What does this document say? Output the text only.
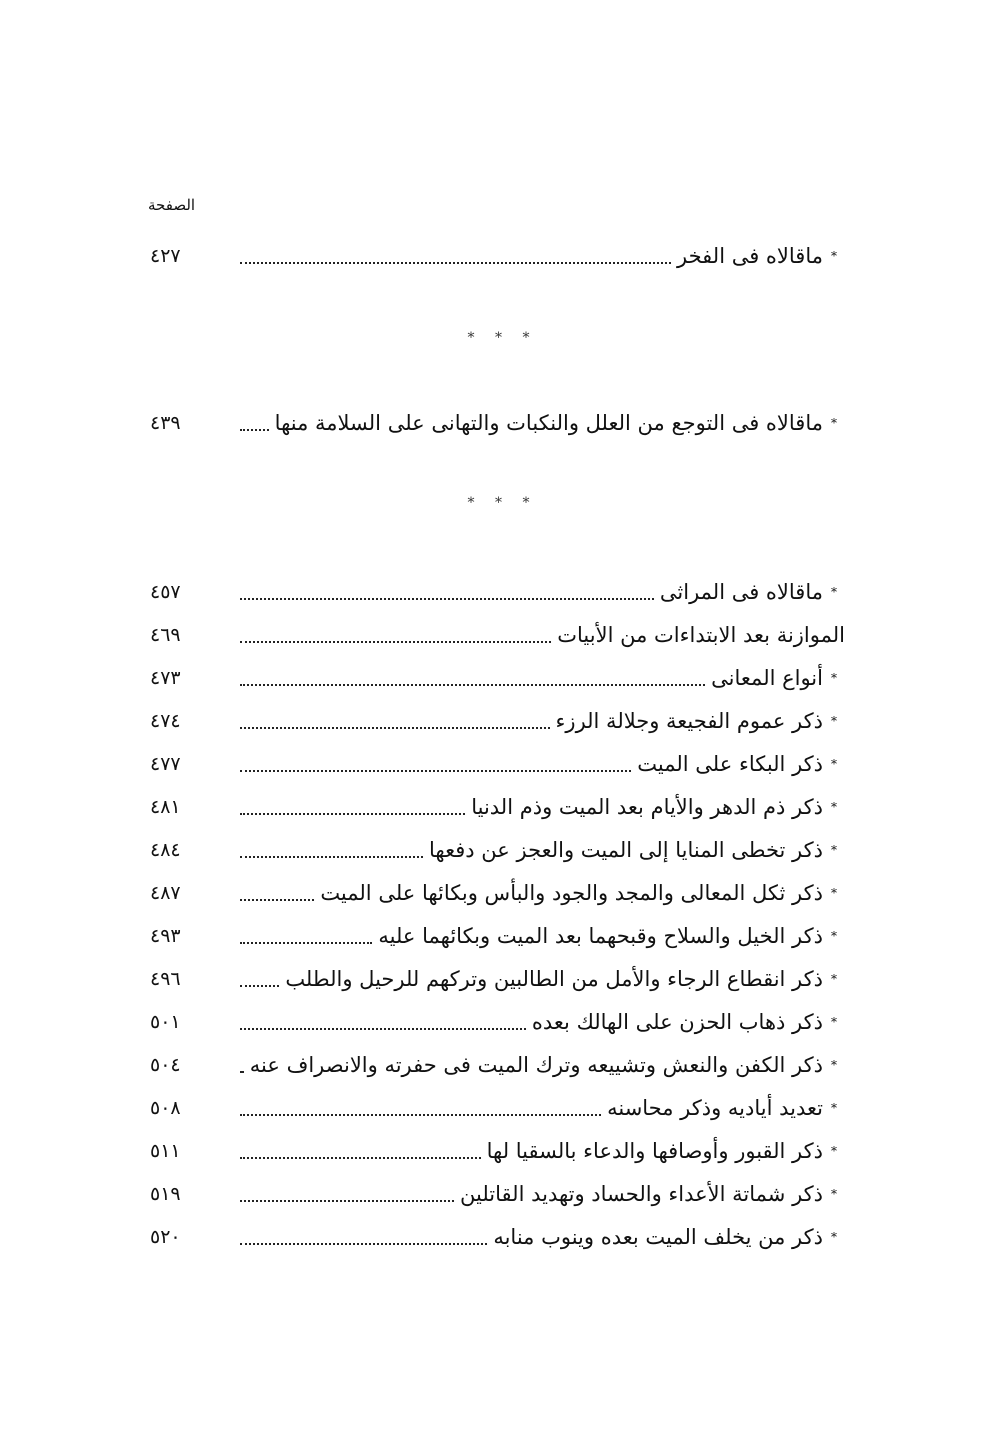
الصفحة
*
ماقالاه فى الفخر
٤٢٧
* * *
*
ماقالاه فى التوجع من العلل والنكبات والتهانى على السلامة منها
٤٣٩
* * *
*
ماقالاه فى المراثى
٤٥٧
الموازنة بعد الابتداءات من الأبيات
٤٦٩
*
أنواع المعانى
٤٧٣
*
ذكر عموم الفجيعة وجلالة الرزء
٤٧٤
*
ذكر البكاء على الميت
٤٧٧
*
ذكر ذم الدهر والأيام بعد الميت وذم الدنيا
٤٨١
*
ذكر تخطى المنايا إلى الميت والعجز عن دفعها
٤٨٤
*
ذكر ثكل المعالى والمجد والجود والبأس وبكائها على الميت
٤٨٧
*
ذكر الخيل والسلاح وقبحهما بعد الميت وبكائهما عليه
٤٩٣
*
ذكر انقطاع الرجاء والأمل من الطالبين وتركهم للرحيل والطلب
٤٩٦
*
ذكر ذهاب الحزن على الهالك بعده
٥٠١
*
ذكر الكفن والنعش وتشييعه وترك الميت فى حفرته والانصراف عنه
٥٠٤
*
تعديد أياديه وذكر محاسنه
٥٠٨
*
ذكر القبور وأوصافها والدعاء بالسقيا لها
٥١١
*
ذكر شماتة الأعداء والحساد وتهديد القاتلين
٥١٩
*
ذكر من يخلف الميت بعده وينوب منابه
٥٢٠
